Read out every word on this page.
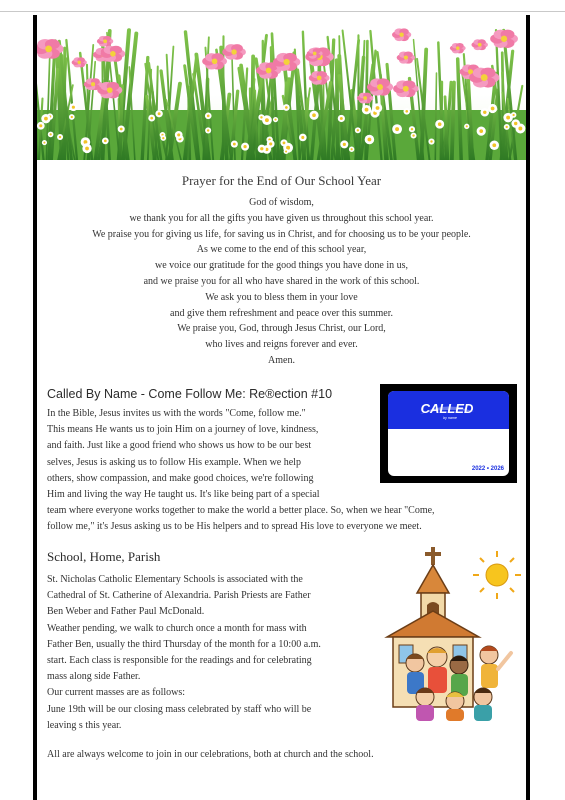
Prayer for the End of Our School Year
God of wisdom,
we thank you for all the gifts you have given us throughout this school year.
We praise you for giving us life, for saving us in Christ, and for choosing us to be your people.
As we come to the end of this school year,
we voice our gratitude for the good things you have done in us,
and we praise you for all who have shared in the work of this school.
We ask you to bless them in your love
and give them refreshment and peace over this summer.
We praise you, God, through Jesus Christ, our Lord,
who lives and reigns forever and ever.
Amen.
Called By Name - Come Follow Me: Re®ection #10
In the Bible, Jesus invites us with the words "Come, follow me."
This means He wants us to join Him on a journey of love, kindness,
and faith. Just like a good friend who shows us how to be our best
selves, Jesus is asking us to follow His example. When we help
others, show compassion, and make good choices, we're following
Him and living the way He taught us. It's like being part of a special
team where everyone works together to make the world a better place. So, when we hear "Come,
follow me," it's Jesus asking us to be His helpers and to spread His love to everyone we meet.
CALLED
by name
2022 • 2026
School, Home, Parish
St. Nicholas Catholic Elementary Schools is associated with the
Cathedral of St. Catherine of Alexandria. Parish Priests are Father
Ben Weber and Father Paul McDonald.
Weather pending, we walk to church once a month for mass with
Father Ben, usually the third Thursday of the month for a 10:00 a.m.
start. Each class is responsible for the readings and for celebrating
mass along side Father.
Our current masses are as follows:
June 19th will be our closing mass celebrated by staff who will be
leaving s this year.
All are always welcome to join in our celebrations, both at church and the school.
